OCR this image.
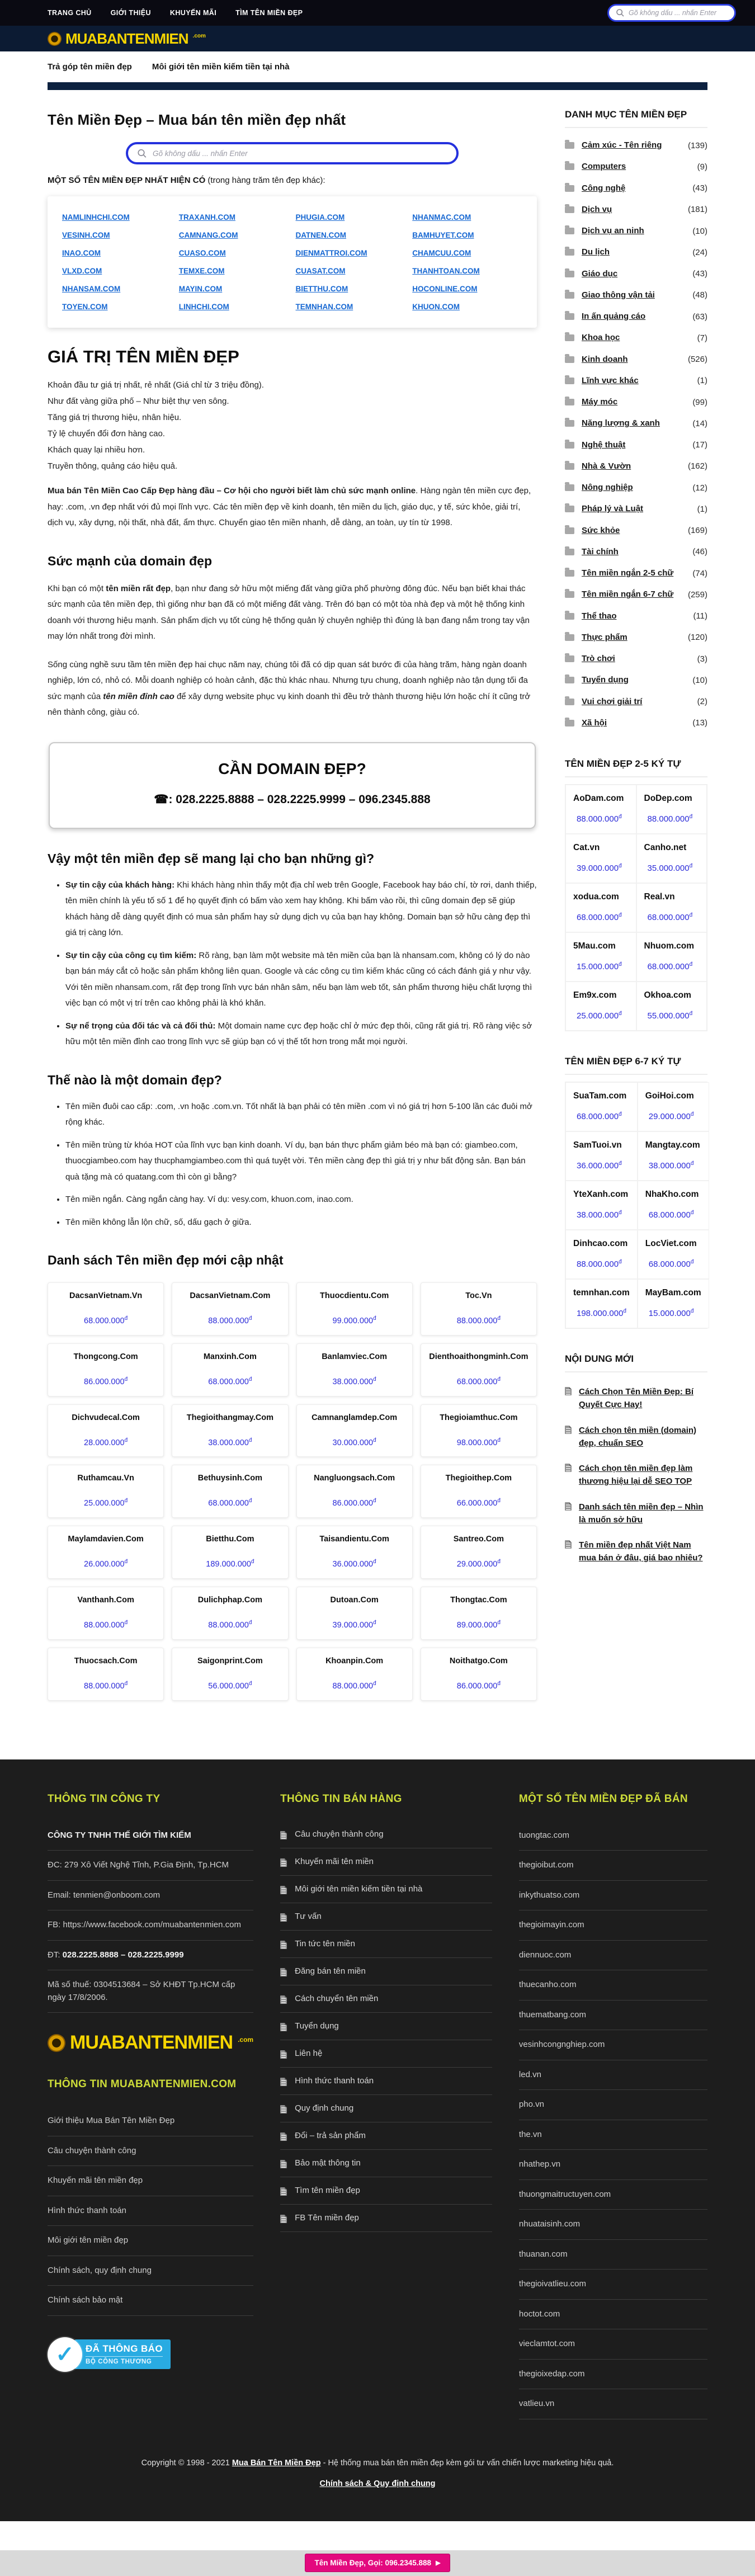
TRANG CHỦ	GIỚI THIỆU	KHUYẾN MÃI	TÌM TÊN MIỀN ĐẸP
Gõ không dấu ... nhấn Enter
MUABANTENMIEN .com
Trả góp tên miền đẹp Môi giới tên miền kiếm tiền tại nhà
Tên Miền Đẹp – Mua bán tên miền đẹp nhất
Gõ không dấu ... nhấn Enter

MỘT SỐ TÊN MIỀN ĐẸP NHẤT HIỆN CÓ (trong hàng trăm tên đẹp khác):

NAMLINHCHI.COM	TRAXANH.COM	PHUGIA.COM	NHANMAC.COM
VESINH.COM	CAMNANG.COM	DATNEN.COM	BAMHUYET.COM
INAO.COM	CUASO.COM	DIENMATTROI.COM	CHAMCUU.COM
VLXD.COM	TEMXE.COM	CUASAT.COM	THANHTOAN.COM
NHANSAM.COM	MAYIN.COM	BIETTHU.COM	HOCONLINE.COM
TOYEN.COM	LINHCHI.COM	TEMNHAN.COM	KHUON.COM
GIÁ TRỊ TÊN MIỀN ĐẸP

Khoản đầu tư giá trị nhất, rẻ nhất (Giá chỉ từ 3 triệu đồng).

Như đất vàng giữa phố – Như biệt thự ven sông.

Tăng giá trị thương hiệu, nhân hiệu.

Tỷ lệ chuyển đổi đơn hàng cao.

Khách quay lại nhiều hơn.

Truyền thông, quảng cáo hiệu quả.

Mua bán Tên Miền Cao Cấp Đẹp hàng đầu – Cơ hội cho người biết làm chủ sức mạnh online. Hàng ngàn tên miền cực đẹp, hay: .com, .vn đẹp nhất với đủ mọi lĩnh vực. Các tên miền đẹp về kinh doanh, tên miền du lịch, giáo dục, y tế, sức khỏe, giải trí, dịch vụ, xây dựng, nội thất, nhà đất, ẩm thực. Chuyển giao tên miền nhanh, dễ dàng, an toàn, uy tín từ 1998.

Sức mạnh của domain đẹp

Khi bạn có một tên miền rất đẹp, bạn như đang sở hữu một miếng đất vàng giữa phố phường đông đúc. Nếu bạn biết khai thác sức mạnh của tên miền đẹp, thì giống như bạn đã có một miếng đất vàng. Trên đó bạn có một tòa nhà đẹp và một hệ thống kinh doanh với thương hiệu mạnh. Sản phẩm dịch vụ tốt cùng hệ thống quản lý chuyên nghiệp thì đúng là bạn đang nắm trong tay vận may lớn nhất trong đời mình.

Sống cùng nghề sưu tầm tên miền đẹp hai chục năm nay, chúng tôi đã có dịp quan sát bước đi của hàng trăm, hàng ngàn doanh nghiệp, lớn có, nhỏ có. Mỗi doanh nghiệp có hoàn cảnh, đặc thù khác nhau. Nhưng tựu chung, doanh nghiệp nào tận dụng tối đa sức mạnh của tên miền đỉnh cao để xây dựng website phục vụ kinh doanh thì đều trở thành thương hiệu lớn hoặc chí ít cũng trở nên thành công, giàu có.

CẦN DOMAIN ĐẸP?
☎: 028.2225.8888 – 028.2225.9999 – 096.2345.888
Vậy một tên miền đẹp sẽ mang lại cho bạn những gì?
• Sự tin cậy của khách hàng: Khi khách hàng nhìn thấy một địa chỉ web trên Google, Facebook hay báo chí, tờ rơi, danh thiếp, tên miền chính là yếu tố số 1 để họ quyết định có bấm vào xem hay không. Khi bấm vào rồi, thì cũng domain đẹp sẽ giúp khách hàng dễ dàng quyết định có mua sản phẩm hay sử dụng dịch vụ của bạn hay không. Domain bạn sở hữu càng đẹp thì giá trị càng lớn.
• Sự tin cậy của công cụ tìm kiếm: Rõ ràng, bạn làm một website mà tên miền của bạn là nhansam.com, không có lý do nào bạn bán máy cắt cỏ hoặc sản phẩm không liên quan. Google và các công cụ tìm kiếm khác cũng có cách đánh giá y như vậy. Với tên miền nhansam.com, rất đẹp trong lĩnh vực bán nhân sâm, nếu bạn làm web tốt, sản phẩm thương hiệu chất lượng thì việc bạn có một vị trí trên cao không phải là khó khăn.
• Sự nể trọng của đối tác và cả đối thủ: Một domain name cực đẹp hoặc chỉ ở mức đẹp thôi, cũng rất giá trị. Rõ ràng việc sở hữu một tên miền đỉnh cao trong lĩnh vực sẽ giúp bạn có vị thế tốt hơn trong mắt mọi người.
Thế nào là một domain đẹp?
• Tên miền đuôi cao cấp: .com, .vn hoặc .com.vn. Tốt nhất là bạn phải có tên miền .com vì nó giá trị hơn 5-100 lần các đuôi mở rộng khác.
• Tên miền trùng từ khóa HOT của lĩnh vực bạn kinh doanh. Ví dụ, bạn bán thực phẩm giảm béo mà bạn có: giambeo.com, thuocgiambeo.com hay thucphamgiambeo.com thì quá tuyệt vời. Tên miền càng đẹp thì giá trị y như bất động sản. Bạn bán quà tặng mà có quatang.com thì còn gì bằng?
• Tên miền ngắn. Càng ngắn càng hay. Ví dụ: vesy.com, khuon.com, inao.com.
• Tên miền không lẫn lộn chữ, số, dấu gạch ở giữa.
Danh sách Tên miền đẹp mới cập nhật
DacsanVietnam.Vn
$68.000.000^đ$
DacsanVietnam.Com
$88.000.000^đ$
Thuocdientu.Com
$99.000.000^đ$
Toc.Vn
$88.000.000^đ$
Thongcong.Com
$86.000.000^đ$
Manxinh.Com
$68.000.000^đ$
Banlamviec.Com
$38.000.000^đ$
Dienthoaithongminh.Com
$68.000.000^đ$
Dichvudecal.Com
$28.000.000^đ$
Thegioithangmay.Com
$38.000.000^đ$
Camnanglamdep.Com
$30.000.000^đ$
Thegioiamthuc.Com
$98.000.000^đ$
Ruthamcau.Vn
$25.000.000^đ$
Bethuysinh.Com
$68.000.000^đ$
Nangluongsach.Com
$86.000.000^đ$
Thegioithep.Com
$66.000.000^đ$
Maylamdavien.Com
$26.000.000^đ$
Bietthu.Com
$189.000.000^đ$
Taisandientu.Com
$36.000.000^đ$
Santreo.Com
$29.000.000^đ$
Vanthanh.Com
$88.000.000^đ$
Dulichphap.Com
$88.000.000^đ$
Dutoan.Com
$39.000.000^đ$
Thongtac.Com
$89.000.000^đ$
Thuocsach.Com
$88.000.000^đ$
Saigonprint.Com
$56.000.000^đ$
Khoanpin.Com
$88.000.000^đ$
Noithatgo.Com
$86.000.000^đ$
DANH MỤC TÊN MIỀN ĐẸP
Cảm xúc - Tên riêng	(139)
Computers	(9)
Công nghệ	(43)
Dịch vụ	(181)
Dịch vụ an ninh	(10)
Du lịch	(24)
Giáo dục	(43)
Giao thông vận tải	(48)
In ấn quảng cáo	(63)
Khoa học	(7)
Kinh doanh	(526)
Lĩnh vực khác	(1)
Máy móc	(99)
Năng lượng & xanh	(14)
Nghệ thuật	(17)
Nhà & Vườn	(162)
Nông nghiệp	(12)
Pháp lý và Luật	(1)
Sức khỏe	(169)
Tài chính	(46)
Tên miền ngắn 2-5 chữ	(74)
Tên miền ngắn 6-7 chữ	(259)
Thể thao	(11)
Thực phẩm	(120)
Trò chơi	(3)
Tuyển dụng	(10)
Vui chơi giải trí	(2)
Xã hội	(13)
TÊN MIỀN ĐẸP 2-5 KÝ TỰ
AoDam.com
$88.000.000^đ$
DoDep.com
$88.000.000^đ$
Cat.vn
$39.000.000^đ$
Canho.net
$35.000.000^đ$
xodua.com
$68.000.000^đ$
Real.vn
$68.000.000^đ$
5Mau.com
$15.000.000^đ$
Nhuom.com
$68.000.000^đ$
Em9x.com
$25.000.000^đ$
Okhoa.com
$55.000.000^đ$
TÊN MIỀN ĐẸP 6-7 KÝ TỰ
SuaTam.com
$68.000.000^đ$
GoiHoi.com
$29.000.000^đ$
SamTuoi.vn
$36.000.000^đ$
Mangtay.com
$38.000.000^đ$
YteXanh.com
$38.000.000^đ$
NhaKho.com
$68.000.000^đ$
Dinhcao.com
$88.000.000^đ$
LocViet.com
$68.000.000^đ$
temnhan.com
$198.000.000^đ$
MayBam.com
$15.000.000^đ$
NỘI DUNG MỚI
Cách Chọn Tên Miền Đẹp: Bí Quyết Cực Hay!
Cách chọn tên miền (domain) đẹp, chuẩn SEO
Cách chọn tên miền đẹp làm thương hiệu lại dễ SEO TOP
Danh sách tên miền đẹp – Nhìn là muốn sở hữu
Tên miền đẹp nhất Việt Nam mua bán ở đâu, giá bao nhiêu?
THÔNG TIN CÔNG TY
CÔNG TY TNHH THẾ GIỚI TÌM KIẾM
ĐC: 279 Xô Viết Nghệ Tĩnh, P.Gia Định, Tp.HCM
Email: tenmien@onboom.com
FB: https://www.facebook.com/muabantenmien.com
ĐT: 028.2225.8888 – 028.2225.9999
Mã số thuế: 0304513684 – Sở KHĐT Tp.HCM cấp ngày 17/8/2006.
MUABANTENMIEN .com
THÔNG TIN MUABANTENMIEN.COM
Giới thiệu Mua Bán Tên Miền Đẹp
Câu chuyện thành công
Khuyến mãi tên miền đẹp
Hình thức thanh toán
Môi giới tên miền đẹp
Chính sách, quy định chung
Chính sách bảo mật
✓ ĐÃ THÔNG BÁO
BỘ CÔNG THƯƠNG
THÔNG TIN BÁN HÀNG
Câu chuyện thành công
Khuyến mãi tên miền
Môi giới tên miền kiếm tiền tại nhà
Tư vấn
Tin tức tên miền
Đăng bán tên miền
Cách chuyển tên miền
Tuyển dụng
Liên hệ
Hình thức thanh toán
Quy định chung
Đổi – trả sản phẩm
Bảo mật thông tin
Tìm tên miền đẹp
FB Tên miền đẹp
MỘT SỐ TÊN MIỀN ĐẸP ĐÃ BÁN
tuongtac.com
thegioibut.com
inkythuatso.com
thegioimayin.com
diennuoc.com
thuecanho.com
thuematbang.com
vesinhcongnghiep.com
led.vn
pho.vn
the.vn
nhathep.vn
thuongmaitructuyen.com
nhuataisinh.com
thuanan.com
thegioivatlieu.com
hoctot.com
vieclamtot.com
thegioixedap.com
vatlieu.vn
Copyright © 1998 - 2021 Mua Bán Tên Miền Đẹp - Hệ thống mua bán tên miền đẹp kèm gói tư vấn chiến lược marketing hiệu quả.
Chính sách & Quy định chung
Tên Miền Đẹp, Gọi: 096.2345.888 ▶
